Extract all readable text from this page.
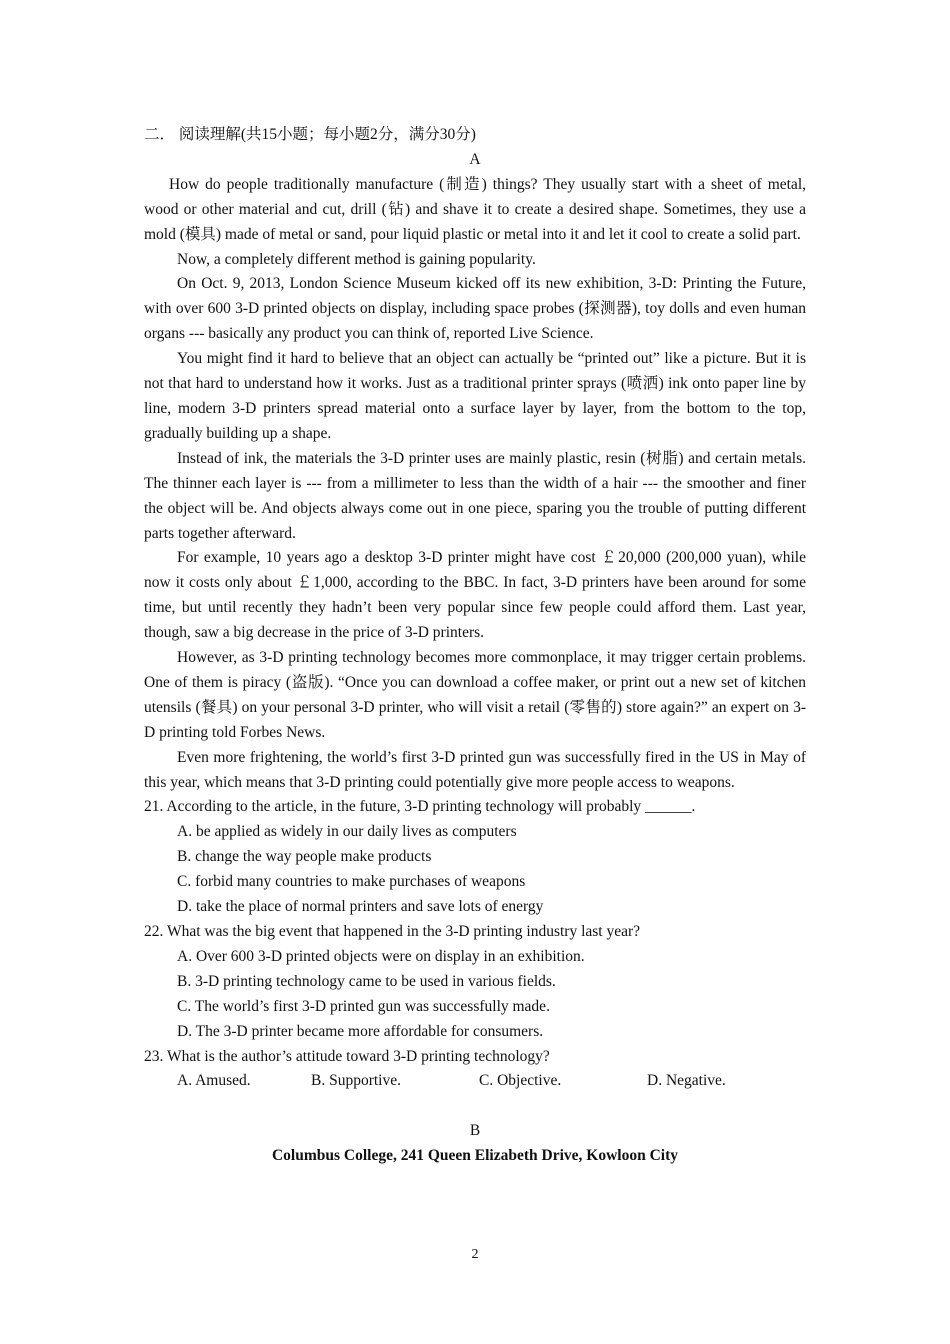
二． 阅读理解(共15小题；每小题2分，满分30分)
A

How do people traditionally manufacture (制造) things? They usually start with a sheet of metal, wood or other material and cut, drill (钻) and shave it to create a desired shape. Sometimes, they use a mold (模具) made of metal or sand, pour liquid plastic or metal into it and let it cool to create a solid part.

Now, a completely different method is gaining popularity.

On Oct. 9, 2013, London Science Museum kicked off its new exhibition, 3-D: Printing the Future, with over 600 3-D printed objects on display, including space probes (探测器), toy dolls and even human organs --- basically any product you can think of, reported Live Science.

You might find it hard to believe that an object can actually be “printed out” like a picture. But it is not that hard to understand how it works. Just as a traditional printer sprays (喷洒) ink onto paper line by line, modern 3-D printers spread material onto a surface layer by layer, from the bottom to the top, gradually building up a shape.

Instead of ink, the materials the 3-D printer uses are mainly plastic, resin (树脂) and certain metals. The thinner each layer is --- from a millimeter to less than the width of a hair --- the smoother and finer the object will be. And objects always come out in one piece, sparing you the trouble of putting different parts together afterward.

For example, 10 years ago a desktop 3-D printer might have cost ￡20,000 (200,000 yuan), while now it costs only about ￡1,000, according to the BBC. In fact, 3-D printers have been around for some time, but until recently they hadn’t been very popular since few people could afford them. Last year, though, saw a big decrease in the price of 3-D printers.

However, as 3-D printing technology becomes more commonplace, it may trigger certain problems. One of them is piracy (盗版). “Once you can download a coffee maker, or print out a new set of kitchen utensils (餐具) on your personal 3-D printer, who will visit a retail (零售的) store again?” an expert on 3-D printing told Forbes News.

Even more frightening, the world’s first 3-D printed gun was successfully fired in the US in May of this year, which means that 3-D printing could potentially give more people access to weapons.

21. According to the article, in the future, 3-D printing technology will probably ______.

A. be applied as widely in our daily lives as computers

B. change the way people make products

C. forbid many countries to make purchases of weapons

D. take the place of normal printers and save lots of energy

22. What was the big event that happened in the 3-D printing industry last year?

A. Over 600 3-D printed objects were on display in an exhibition.

B. 3-D printing technology came to be used in various fields.

C. The world’s first 3-D printed gun was successfully made.

D. The 3-D printer became more affordable for consumers.

23. What is the author’s attitude toward 3-D printing technology?

A. Amused.	B. Supportive.	C. Objective.	D. Negative.
B
Columbus College, 241 Queen Elizabeth Drive, Kowloon City
2
